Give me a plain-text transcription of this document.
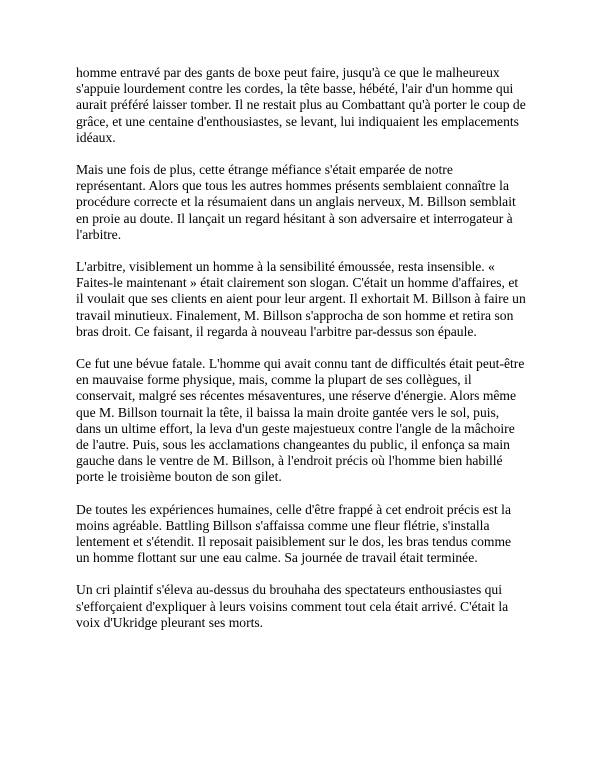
homme entravé par des gants de boxe peut faire, jusqu'à ce que le malheureux s'appuie lourdement contre les cordes, la tête basse, hébété, l'air d'un homme qui aurait préféré laisser tomber. Il ne restait plus au Combattant qu'à porter le coup de grâce, et une centaine d'enthousiastes, se levant, lui indiquaient les emplacements idéaux.

Mais une fois de plus, cette étrange méfiance s'était emparée de notre représentant. Alors que tous les autres hommes présents semblaient connaître la procédure correcte et la résumaient dans un anglais nerveux, M. Billson semblait en proie au doute. Il lançait un regard hésitant à son adversaire et interrogateur à l'arbitre.

L'arbitre, visiblement un homme à la sensibilité émoussée, resta insensible. « Faites-le maintenant » était clairement son slogan. C'était un homme d'affaires, et il voulait que ses clients en aient pour leur argent. Il exhortait M. Billson à faire un travail minutieux. Finalement, M. Billson s'approcha de son homme et retira son bras droit. Ce faisant, il regarda à nouveau l'arbitre par-dessus son épaule.

Ce fut une bévue fatale. L'homme qui avait connu tant de difficultés était peut-être en mauvaise forme physique, mais, comme la plupart de ses collègues, il conservait, malgré ses récentes mésaventures, une réserve d'énergie. Alors même que M. Billson tournait la tête, il baissa la main droite gantée vers le sol, puis, dans un ultime effort, la leva d'un geste majestueux contre l'angle de la mâchoire de l'autre. Puis, sous les acclamations changeantes du public, il enfonça sa main gauche dans le ventre de M. Billson, à l'endroit précis où l'homme bien habillé porte le troisième bouton de son gilet.

De toutes les expériences humaines, celle d'être frappé à cet endroit précis est la moins agréable. Battling Billson s'affaissa comme une fleur flétrie, s'installa lentement et s'étendit. Il reposait paisiblement sur le dos, les bras tendus comme un homme flottant sur une eau calme. Sa journée de travail était terminée.

Un cri plaintif s'éleva au-dessus du brouhaha des spectateurs enthousiastes qui s'efforçaient d'expliquer à leurs voisins comment tout cela était arrivé. C'était la voix d'Ukridge pleurant ses morts.
